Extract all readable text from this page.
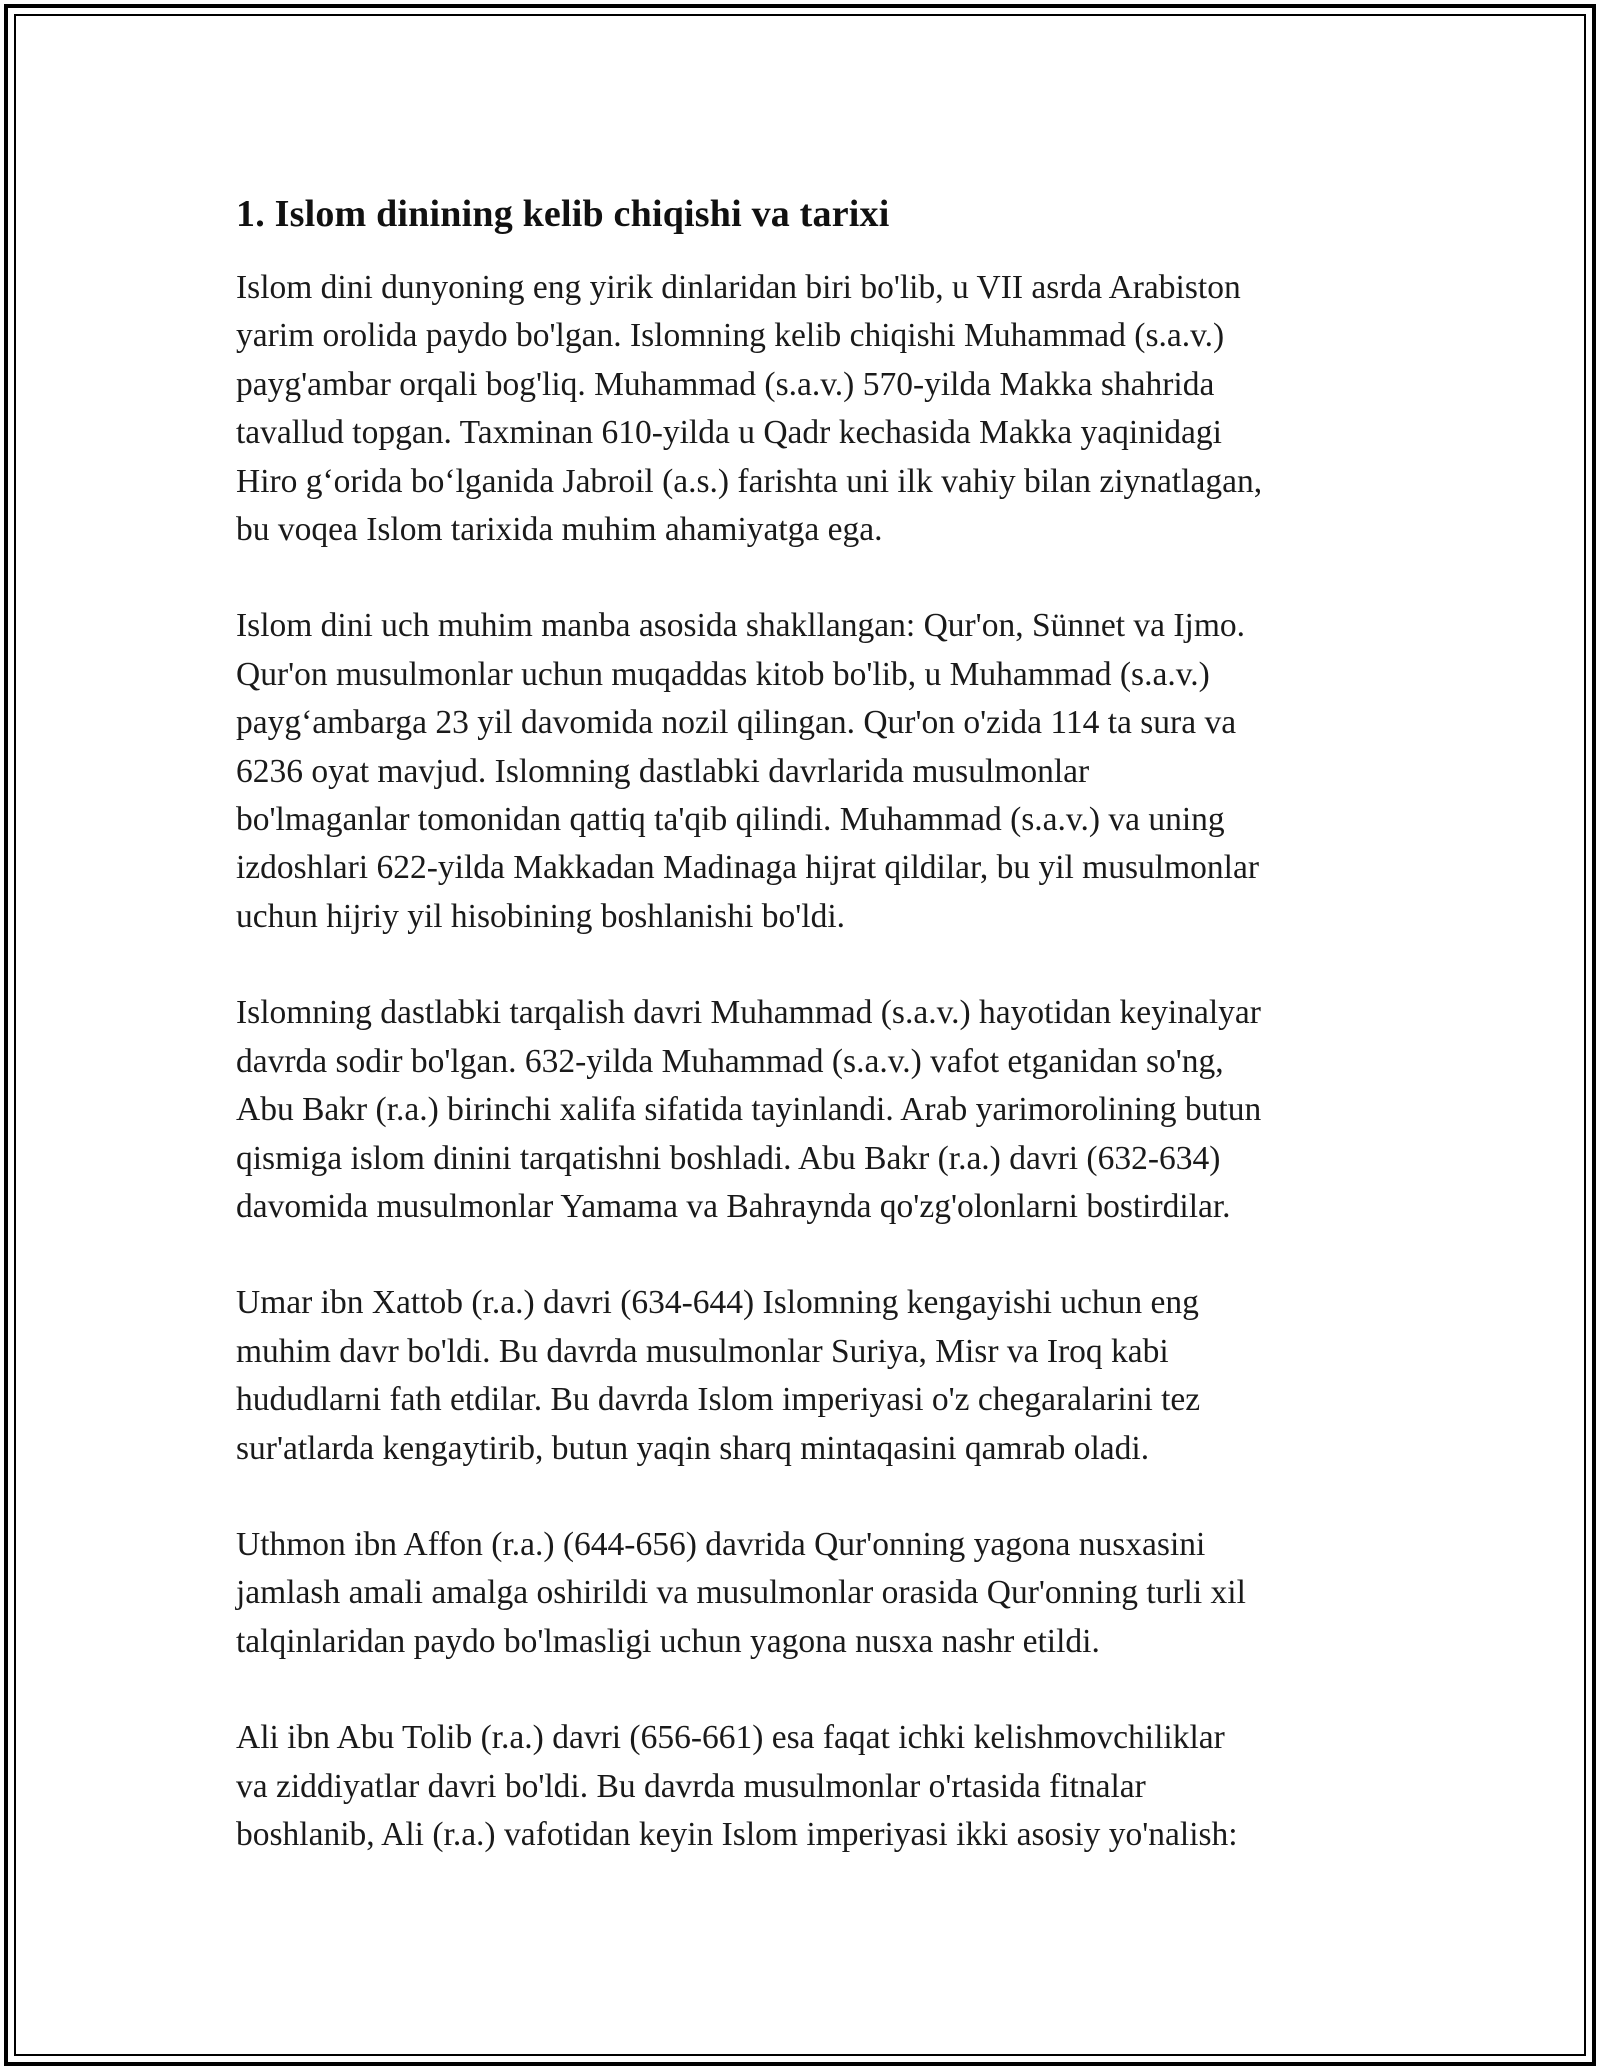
1. Islom dinining kelib chiqishi va tarixi

Islom dini dunyoning eng yirik dinlaridan biri bo'lib, u VII asrda Arabiston
yarim orolida paydo bo'lgan. Islomning kelib chiqishi Muhammad (s.a.v.)
payg'ambar orqali bog'liq. Muhammad (s.a.v.) 570-yilda Makka shahrida
tavallud topgan. Taxminan 610-yilda u Qadr kechasida Makka yaqinidagi
Hiro g‘orida bo‘lganida Jabroil (a.s.) farishta uni ilk vahiy bilan ziynatlagan,
bu voqea Islom tarixida muhim ahamiyatga ega.

Islom dini uch muhim manba asosida shakllangan: Qur'on, Sünnet va Ijmo.
Qur'on musulmonlar uchun muqaddas kitob bo'lib, u Muhammad (s.a.v.)
payg‘ambarga 23 yil davomida nozil qilingan. Qur'on o'zida 114 ta sura va
6236 oyat mavjud. Islomning dastlabki davrlarida musulmonlar
bo'lmaganlar tomonidan qattiq ta'qib qilindi. Muhammad (s.a.v.) va uning
izdoshlari 622-yilda Makkadan Madinaga hijrat qildilar, bu yil musulmonlar
uchun hijriy yil hisobining boshlanishi bo'ldi.

Islomning dastlabki tarqalish davri Muhammad (s.a.v.) hayotidan keyinalyar
davrda sodir bo'lgan. 632-yilda Muhammad (s.a.v.) vafot etganidan so'ng,
Abu Bakr (r.a.) birinchi xalifa sifatida tayinlandi. Arab yarimorolining butun
qismiga islom dinini tarqatishni boshladi. Abu Bakr (r.a.) davri (632-634)
davomida musulmonlar Yamama va Bahraynda qo'zg'olonlarni bostirdilar.

Umar ibn Xattob (r.a.) davri (634-644) Islomning kengayishi uchun eng
muhim davr bo'ldi. Bu davrda musulmonlar Suriya, Misr va Iroq kabi
hududlarni fath etdilar. Bu davrda Islom imperiyasi o'z chegaralarini tez
sur'atlarda kengaytirib, butun yaqin sharq mintaqasini qamrab oladi.

Uthmon ibn Affon (r.a.) (644-656) davrida Qur'onning yagona nusxasini
jamlash amali amalga oshirildi va musulmonlar orasida Qur'onning turli xil
talqinlaridan paydo bo'lmasligi uchun yagona nusxa nashr etildi.

Ali ibn Abu Tolib (r.a.) davri (656-661) esa faqat ichki kelishmovchiliklar
va ziddiyatlar davri bo'ldi. Bu davrda musulmonlar o'rtasida fitnalar
boshlanib, Ali (r.a.) vafotidan keyin Islom imperiyasi ikki asosiy yo'nalish:
